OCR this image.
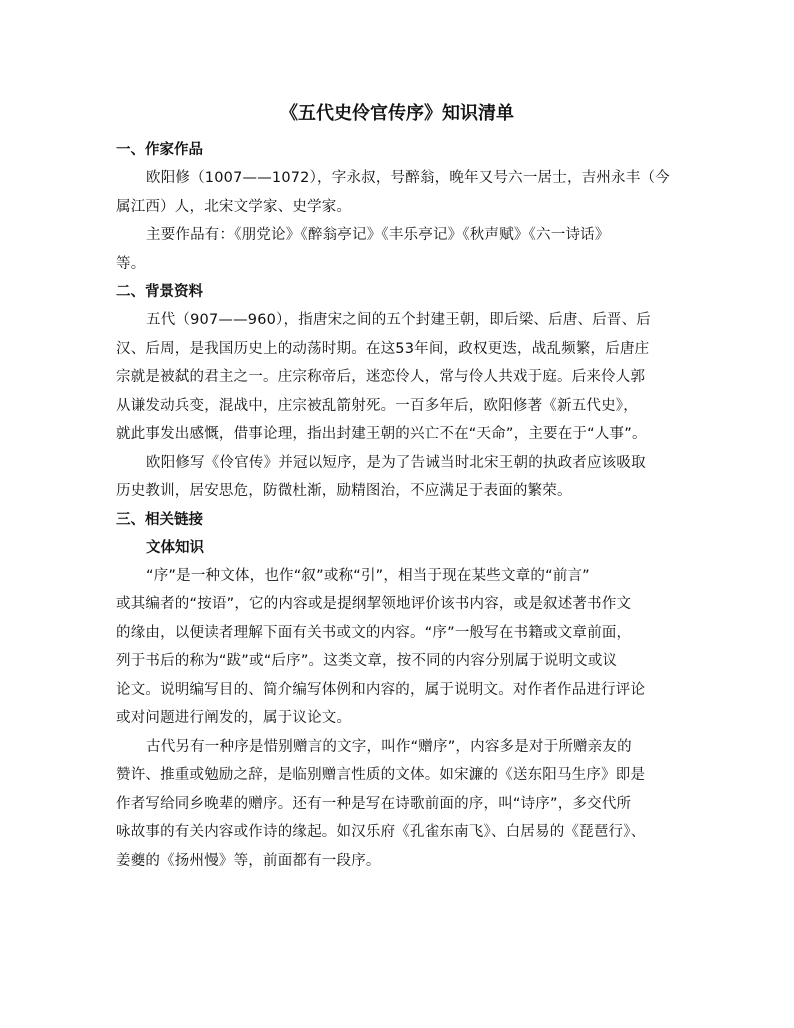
《五代史伶官传序》知识清单
一、作家作品

欧阳修（1007——1072），字永叔，号醉翁，晚年又号六一居士，吉州永丰（今
属江西）人，北宋文学家、史学家。

主要作品有：《朋党论》《醉翁亭记》《丰乐亭记》《秋声赋》《六一诗话》
等。

二、背景资料

五代（907——960），指唐宋之间的五个封建王朝，即后梁、后唐、后晋、后
汉、后周，是我国历史上的动荡时期。在这53年间，政权更迭，战乱频繁，后唐庄
宗就是被弑的君主之一。庄宗称帝后，迷恋伶人，常与伶人共戏于庭。后来伶人郭
从谦发动兵变，混战中，庄宗被乱箭射死。一百多年后，欧阳修著《新五代史》，
就此事发出感慨，借事论理，指出封建王朝的兴亡不在“天命”，主要在于“人事”。

欧阳修写《伶官传》并冠以短序，是为了告诫当时北宋王朝的执政者应该吸取
历史教训，居安思危，防微杜渐，励精图治，不应满足于表面的繁荣。

三、相关链接
文体知识

“序”是一种文体，也作“叙”或称“引”，相当于现在某些文章的“前言”
或其编者的“按语”，它的内容或是提纲挈领地评价该书内容，或是叙述著书作文
的缘由，以便读者理解下面有关书或文的内容。“序”一般写在书籍或文章前面，
列于书后的称为“跋”或“后序”。这类文章，按不同的内容分别属于说明文或议
论文。说明编写目的、简介编写体例和内容的，属于说明文。对作者作品进行评论
或对问题进行阐发的，属于议论文。

古代另有一种序是惜别赠言的文字，叫作“赠序”，内容多是对于所赠亲友的
赞许、推重或勉励之辞，是临别赠言性质的文体。如宋濂的《送东阳马生序》即是
作者写给同乡晚辈的赠序。还有一种是写在诗歌前面的序，叫“诗序”，多交代所
咏故事的有关内容或作诗的缘起。如汉乐府《孔雀东南飞》、白居易的《琵琶行》、
姜夔的《扬州慢》等，前面都有一段序。
